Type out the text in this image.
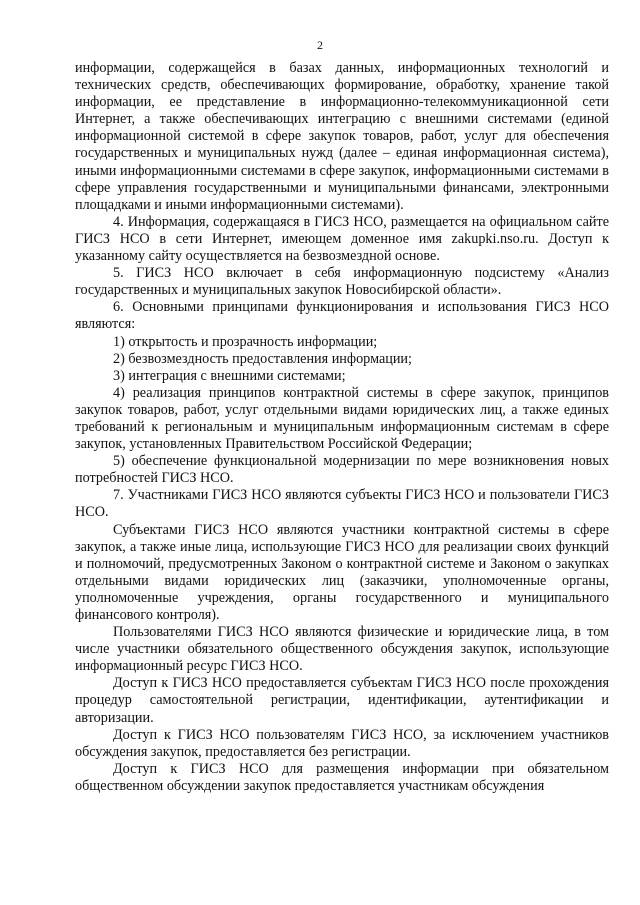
2

информации, содержащейся в базах данных, информационных технологий и технических средств, обеспечивающих формирование, обработку, хранение такой информации, ее представление в информационно-телекоммуникационной сети Интернет, а также обеспечивающих интеграцию с внешними системами (единой информационной системой в сфере закупок товаров, работ, услуг для обеспечения государственных и муниципальных нужд (далее – единая информационная система), иными информационными системами в сфере закупок, информационными системами в сфере управления государственными и муниципальными финансами, электронными площадками и иными информационными системами).

4. Информация, содержащаяся в ГИСЗ НСО, размещается на официальном сайте ГИСЗ НСО в сети Интернет, имеющем доменное имя zakupki.nso.ru. Доступ к указанному сайту осуществляется на безвозмездной основе.

5. ГИСЗ НСО включает в себя информационную подсистему «Анализ государственных и муниципальных закупок Новосибирской области».

6. Основными принципами функционирования и использования ГИСЗ НСО являются:

1) открытость и прозрачность информации;

2) безвозмездность предоставления информации;

3) интеграция с внешними системами;

4) реализация принципов контрактной системы в сфере закупок, принципов закупок товаров, работ, услуг отдельными видами юридических лиц, а также единых требований к региональным и муниципальным информационным системам в сфере закупок, установленных Правительством Российской Федерации;

5) обеспечение функциональной модернизации по мере возникновения новых потребностей ГИСЗ НСО.

7. Участниками ГИСЗ НСО являются субъекты ГИСЗ НСО и пользователи ГИСЗ НСО.

Субъектами ГИСЗ НСО являются участники контрактной системы в сфере закупок, а также иные лица, использующие ГИСЗ НСО для реализации своих функций и полномочий, предусмотренных Законом о контрактной системе и Законом о закупках отдельными видами юридических лиц (заказчики, уполномоченные органы, уполномоченные учреждения, органы государственного и муниципального финансового контроля).

Пользователями ГИСЗ НСО являются физические и юридические лица, в том числе участники обязательного общественного обсуждения закупок, использующие информационный ресурс ГИСЗ НСО.

Доступ к ГИСЗ НСО предоставляется субъектам ГИСЗ НСО после прохождения процедур самостоятельной регистрации, идентификации, аутентификации и авторизации.

Доступ к ГИСЗ НСО пользователям ГИСЗ НСО, за исключением участников обсуждения закупок, предоставляется без регистрации.

Доступ к ГИСЗ НСО для размещения информации при обязательном общественном обсуждении закупок предоставляется участникам обсуждения
